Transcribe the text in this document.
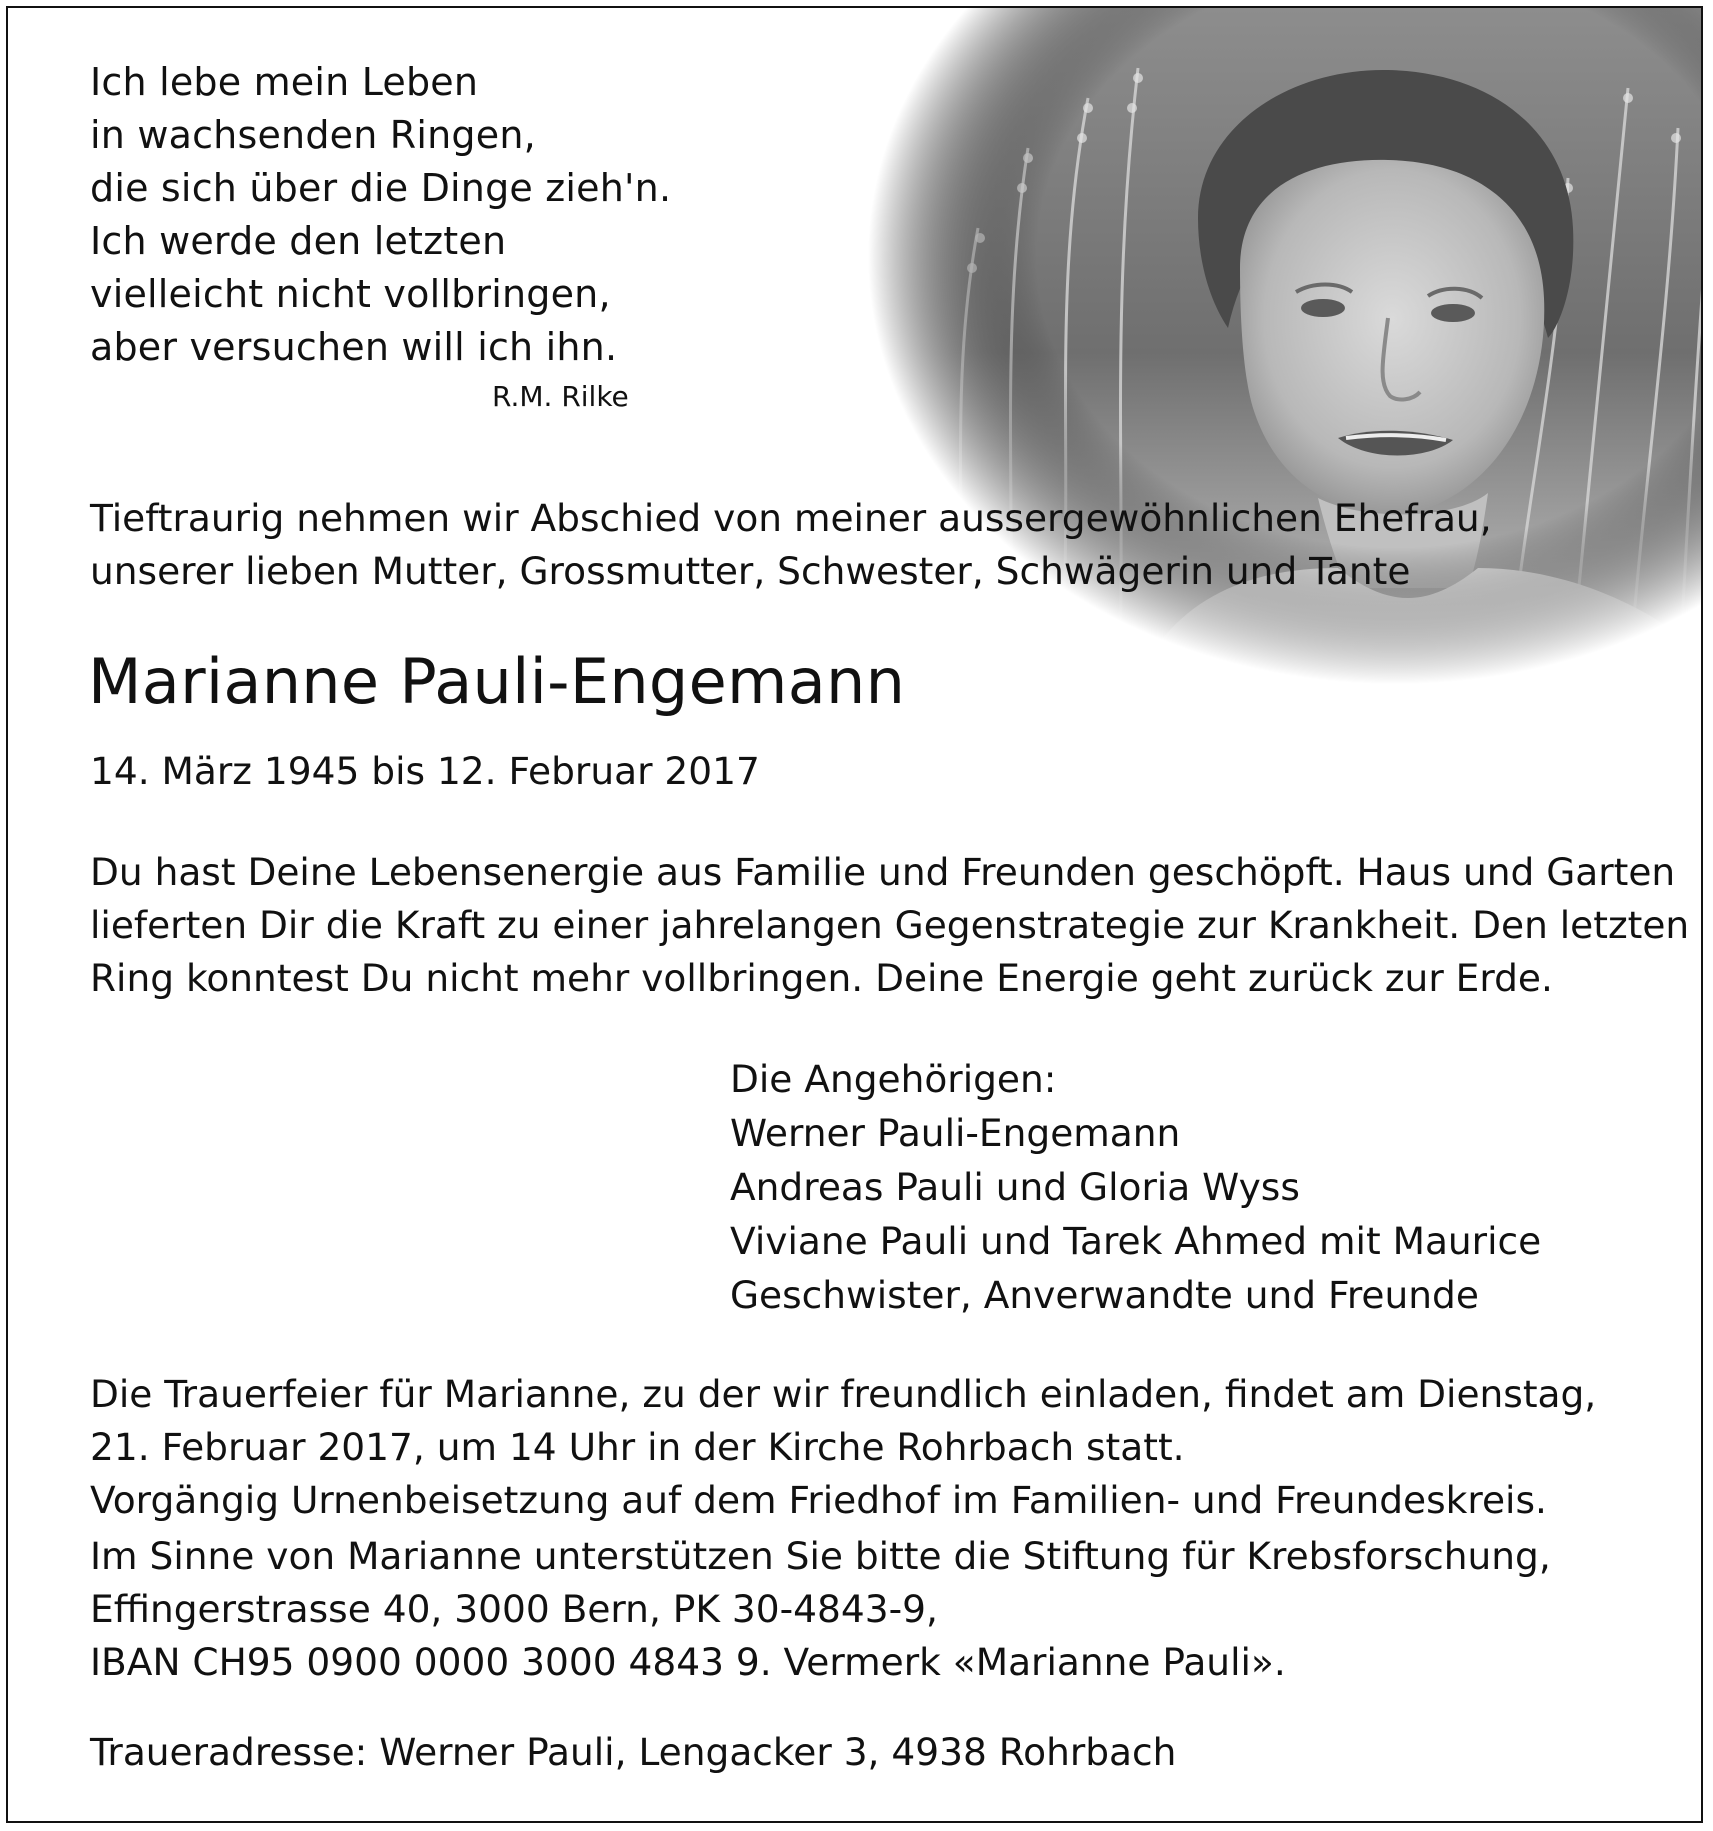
Ich lebe mein Leben
in wachsenden Ringen,
die sich über die Dinge zieh'n.
Ich werde den letzten
vielleicht nicht vollbringen,
aber versuchen will ich ihn.
R.M. Rilke
Tieftraurig nehmen wir Abschied von meiner aussergewöhnlichen Ehefrau,
unserer lieben Mutter, Grossmutter, Schwester, Schwägerin und Tante
Marianne Pauli-Engemann
14. März 1945 bis 12. Februar 2017
Du hast Deine Lebensenergie aus Familie und Freunden geschöpft. Haus und Garten
lieferten Dir die Kraft zu einer jahrelangen Gegenstrategie zur Krankheit. Den letzten
Ring konntest Du nicht mehr vollbringen. Deine Energie geht zurück zur Erde.
Die Angehörigen:
Werner Pauli-Engemann
Andreas Pauli und Gloria Wyss
Viviane Pauli und Tarek Ahmed mit Maurice
Geschwister, Anverwandte und Freunde
Die Trauerfeier für Marianne, zu der wir freundlich einladen, findet am Dienstag,
21. Februar 2017, um 14 Uhr in der Kirche Rohrbach statt.
Vorgängig Urnenbeisetzung auf dem Friedhof im Familien- und Freundeskreis.
Im Sinne von Marianne unterstützen Sie bitte die Stiftung für Krebsforschung,
Effingerstrasse 40, 3000 Bern, PK 30-4843-9,
IBAN CH95 0900 0000 3000 4843 9. Vermerk «Marianne Pauli».
Traueradresse: Werner Pauli, Lengacker 3, 4938 Rohrbach
